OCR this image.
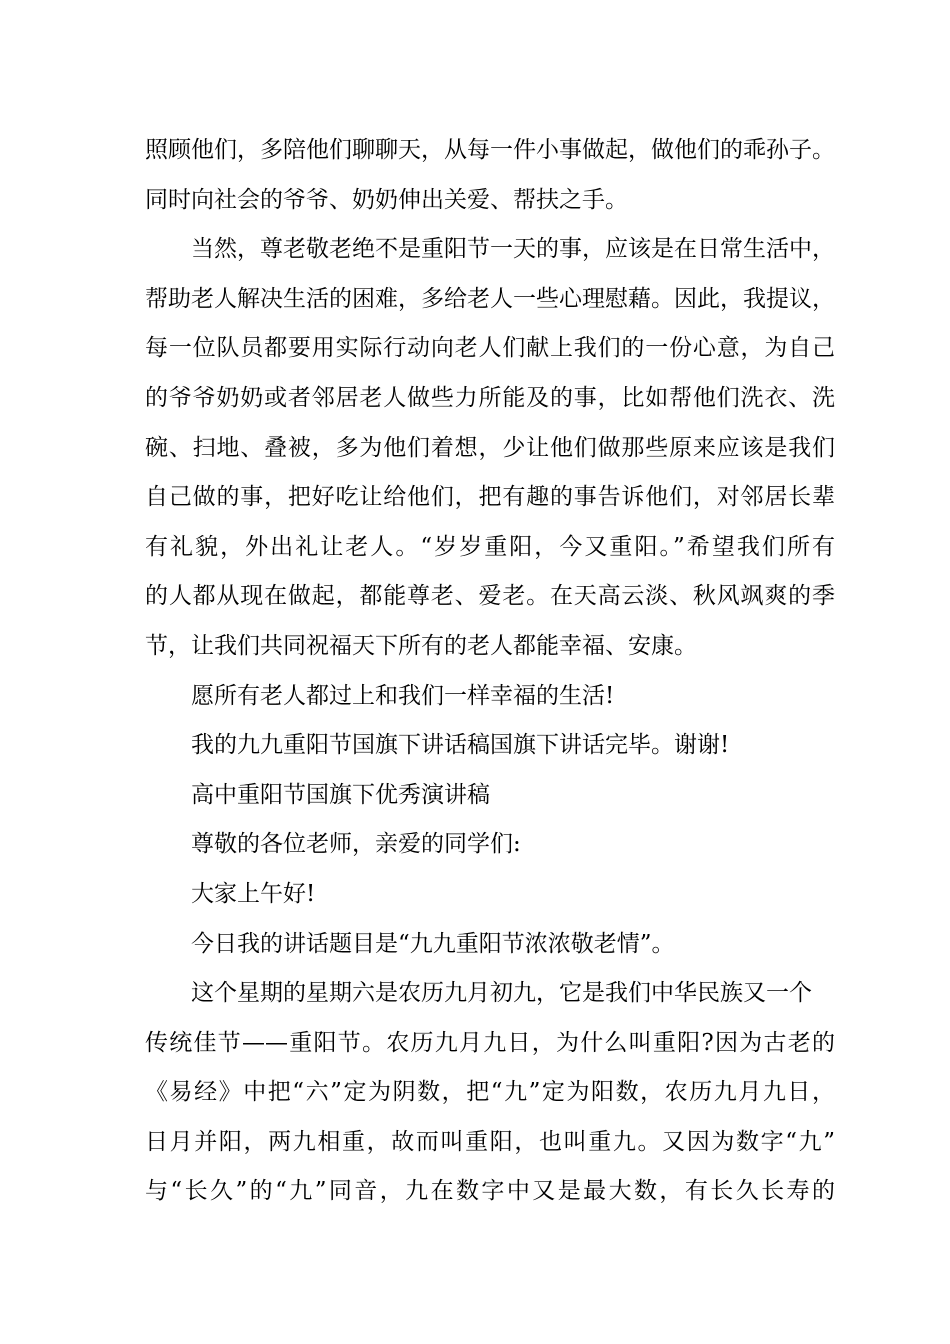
照顾他们，多陪他们聊聊天，从每一件小事做起，做他们的乖孙子。
同时向社会的爷爷、奶奶伸出关爱、帮扶之手。
当然，尊老敬老绝不是重阳节一天的事，应该是在日常生活中，
帮助老人解决生活的困难，多给老人一些心理慰藉。因此，我提议，
每一位队员都要用实际行动向老人们献上我们的一份心意，为自己
的爷爷奶奶或者邻居老人做些力所能及的事，比如帮他们洗衣、洗
碗、扫地、叠被，多为他们着想，少让他们做那些原来应该是我们
自己做的事，把好吃让给他们，把有趣的事告诉他们，对邻居长辈
有礼貌，外出礼让老人。“岁岁重阳，今又重阳。”希望我们所有
的人都从现在做起，都能尊老、爱老。在天高云淡、秋风飒爽的季
节，让我们共同祝福天下所有的老人都能幸福、安康。
愿所有老人都过上和我们一样幸福的生活!
我的九九重阳节国旗下讲话稿国旗下讲话完毕。谢谢!
高中重阳节国旗下优秀演讲稿
尊敬的各位老师，亲爱的同学们:
大家上午好!
今日我的讲话题目是“九九重阳节浓浓敬老情”。
这个星期的星期六是农历九月初九，它是我们中华民族又一个
传统佳节——重阳节。农历九月九日，为什么叫重阳?因为古老的
《易经》中把“六”定为阴数，把“九”定为阳数，农历九月九日，
日月并阳，两九相重，故而叫重阳，也叫重九。又因为数字“九”
与“长久”的“九”同音，九在数字中又是最大数，有长久长寿的
